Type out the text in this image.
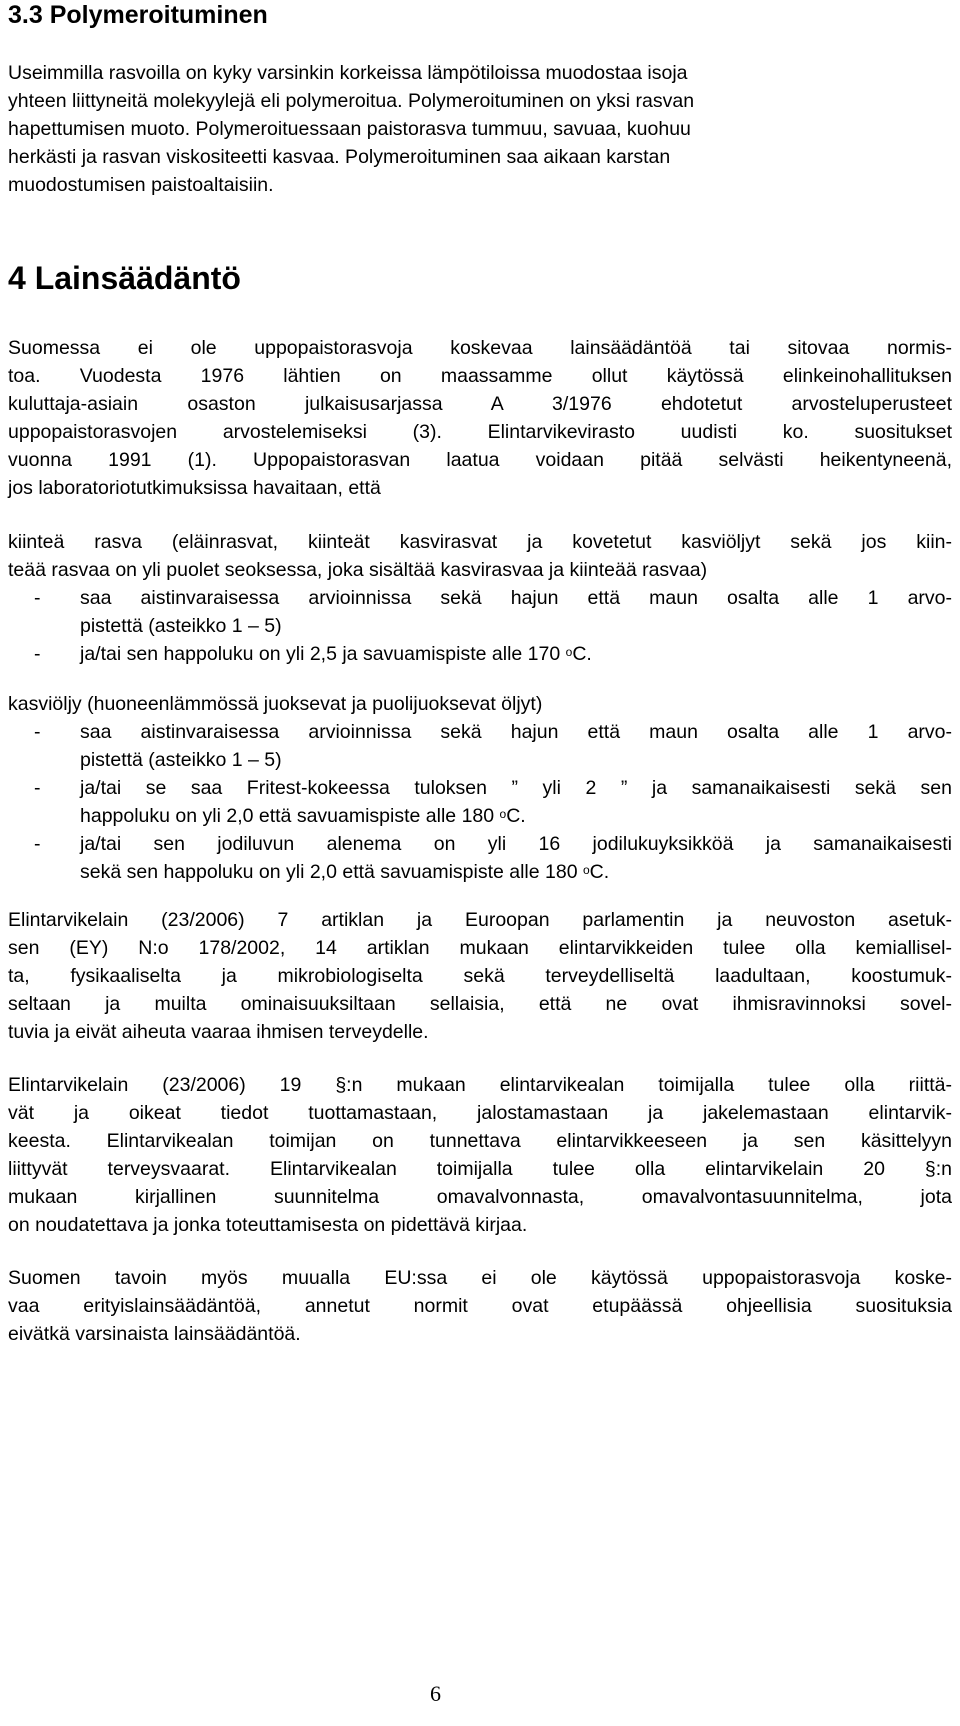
3.3 Polymeroituminen
Useimmilla rasvoilla on kyky varsinkin korkeissa lämpötiloissa muodostaa isoja
yhteen liittyneitä molekyylejä eli polymeroitua. Polymeroituminen on yksi rasvan
hapettumisen muoto. Polymeroituessaan paistorasva tummuu, savuaa, kuohuu
herkästi ja rasvan viskositeetti kasvaa. Polymeroituminen saa aikaan karstan
muodostumisen paistoaltaisiin.
4 Lainsäädäntö
Suomessa ei ole uppopaistorasvoja koskevaa lainsäädäntöä tai sitovaa normis-
toa. Vuodesta 1976 lähtien on maassamme ollut käytössä elinkeinohallituksen
kuluttaja-asiain osaston julkaisusarjassa A 3/1976 ehdotetut arvosteluperusteet
uppopaistorasvojen arvostelemiseksi (3). Elintarvikevirasto uudisti ko. suositukset
vuonna 1991 (1). Uppopaistorasvan laatua voidaan pitää selvästi heikentyneenä,
jos laboratoriotutkimuksissa havaitaan, että
kiinteä rasva (eläinrasvat, kiinteät kasvirasvat ja kovetetut kasviöljyt sekä jos kiin-
teää rasvaa on yli puolet seoksessa, joka sisältää kasvirasvaa ja kiinteää rasvaa)
- saa aistinvaraisessa arvioinnissa sekä hajun että maun osalta alle 1 arvo-
pistettä (asteikko 1 – 5)
- ja/tai sen happoluku on yli 2,5 ja savuamispiste alle 170 $^o$C.
kasviöljy (huoneenlämmössä juoksevat ja puolijuoksevat öljyt)
- saa aistinvaraisessa arvioinnissa sekä hajun että maun osalta alle 1 arvo-
pistettä (asteikko 1 – 5)
- ja/tai se saa Fritest-kokeessa tuloksen ” yli 2 ” ja samanaikaisesti sekä sen
happoluku on yli 2,0 että savuamispiste alle 180 $^o$C.
- ja/tai sen jodiluvun alenema on yli 16 jodilukuyksikköä ja samanaikaisesti
sekä sen happoluku on yli 2,0 että savuamispiste alle 180 $^o$C.
Elintarvikelain (23/2006) 7 artiklan ja Euroopan parlamentin ja neuvoston asetuk-
sen (EY) N:o 178/2002, 14 artiklan mukaan elintarvikkeiden tulee olla kemiallisel-
ta, fysikaaliselta ja mikrobiologiselta sekä terveydelliseltä laadultaan, koostumuk-
seltaan ja muilta ominaisuuksiltaan sellaisia, että ne ovat ihmisravinnoksi sovel-
tuvia ja eivät aiheuta vaaraa ihmisen terveydelle.
Elintarvikelain (23/2006) 19 §:n mukaan elintarvikealan toimijalla tulee olla riittä-
vät ja oikeat tiedot tuottamastaan, jalostamastaan ja jakelemastaan elintarvik-
keesta. Elintarvikealan toimijan on tunnettava elintarvikkeeseen ja sen käsittelyyn
liittyvät terveysvaarat. Elintarvikealan toimijalla tulee olla elintarvikelain 20 §:n
mukaan kirjallinen suunnitelma omavalvonnasta, omavalvontasuunnitelma, jota
on noudatettava ja jonka toteuttamisesta on pidettävä kirjaa.
Suomen tavoin myös muualla EU:ssa ei ole käytössä uppopaistorasvoja koske-
vaa erityislainsäädäntöä, annetut normit ovat etupäässä ohjeellisia suosituksia
eivätkä varsinaista lainsäädäntöä.
6
